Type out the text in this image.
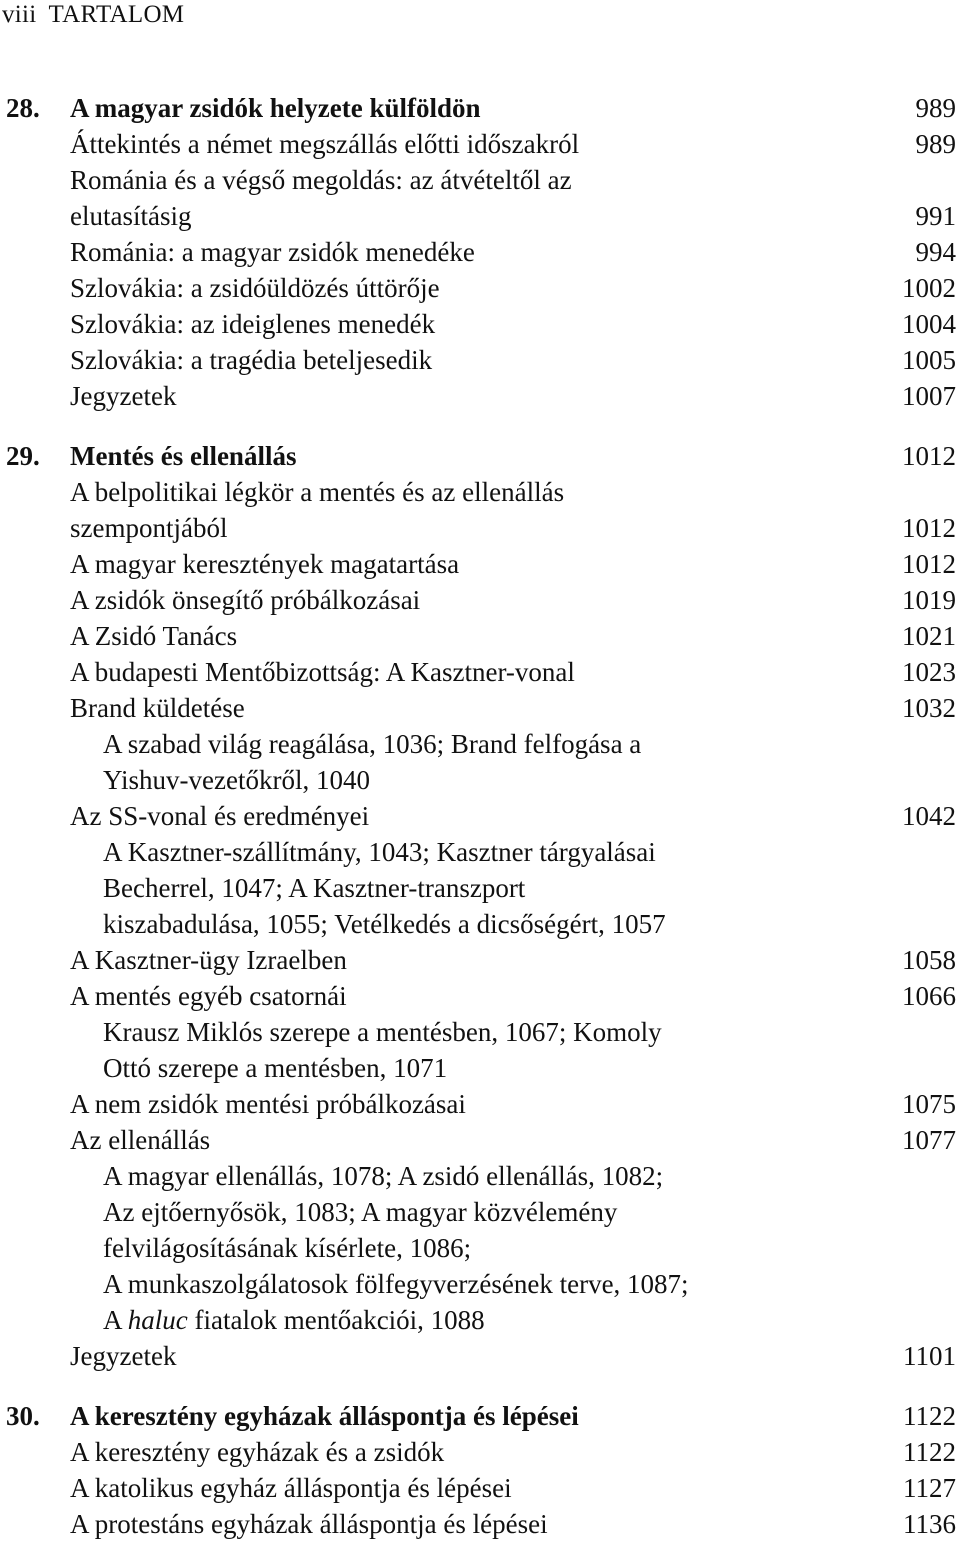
viii TARTALOM
28. A magyar zsidók helyzete külföldön	989
Áttekintés a német megszállás előtti időszakról	989
Románia és a végső megoldás: az átvételtől az
elutasításig	991
Románia: a magyar zsidók menedéke	994
Szlovákia: a zsidóüldözés úttörője	1002
Szlovákia: az ideiglenes menedék	1004
Szlovákia: a tragédia beteljesedik	1005
Jegyzetek	1007
29. Mentés és ellenállás	1012
A belpolitikai légkör a mentés és az ellenállás
szempontjából	1012
A magyar keresztények magatartása	1012
A zsidók önsegítő próbálkozásai	1019
A Zsidó Tanács	1021
A budapesti Mentőbizottság: A Kasztner-vonal	1023
Brand küldetése	1032
A szabad világ reagálása, 1036; Brand felfogása a
Yishuv-vezetőkről, 1040
Az SS-vonal és eredményei	1042
A Kasztner-szállítmány, 1043; Kasztner tárgyalásai
Becherrel, 1047; A Kasztner-transzport
kiszabadulása, 1055; Vetélkedés a dicsőségért, 1057
A Kasztner-ügy Izraelben	1058
A mentés egyéb csatornái	1066
Krausz Miklós szerepe a mentésben, 1067; Komoly
Ottó szerepe a mentésben, 1071
A nem zsidók mentési próbálkozásai	1075
Az ellenállás	1077
A magyar ellenállás, 1078; A zsidó ellenállás, 1082;
Az ejtőernyősök, 1083; A magyar közvélemény
felvilágosításának kísérlete, 1086;
A munkaszolgálatosok fölfegyverzésének terve, 1087;
A haluc fiatalok mentőakciói, 1088
Jegyzetek	1101
30. A keresztény egyházak álláspontja és lépései	1122
A keresztény egyházak és a zsidók	1122
A katolikus egyház álláspontja és lépései	1127
A protestáns egyházak álláspontja és lépései	1136
